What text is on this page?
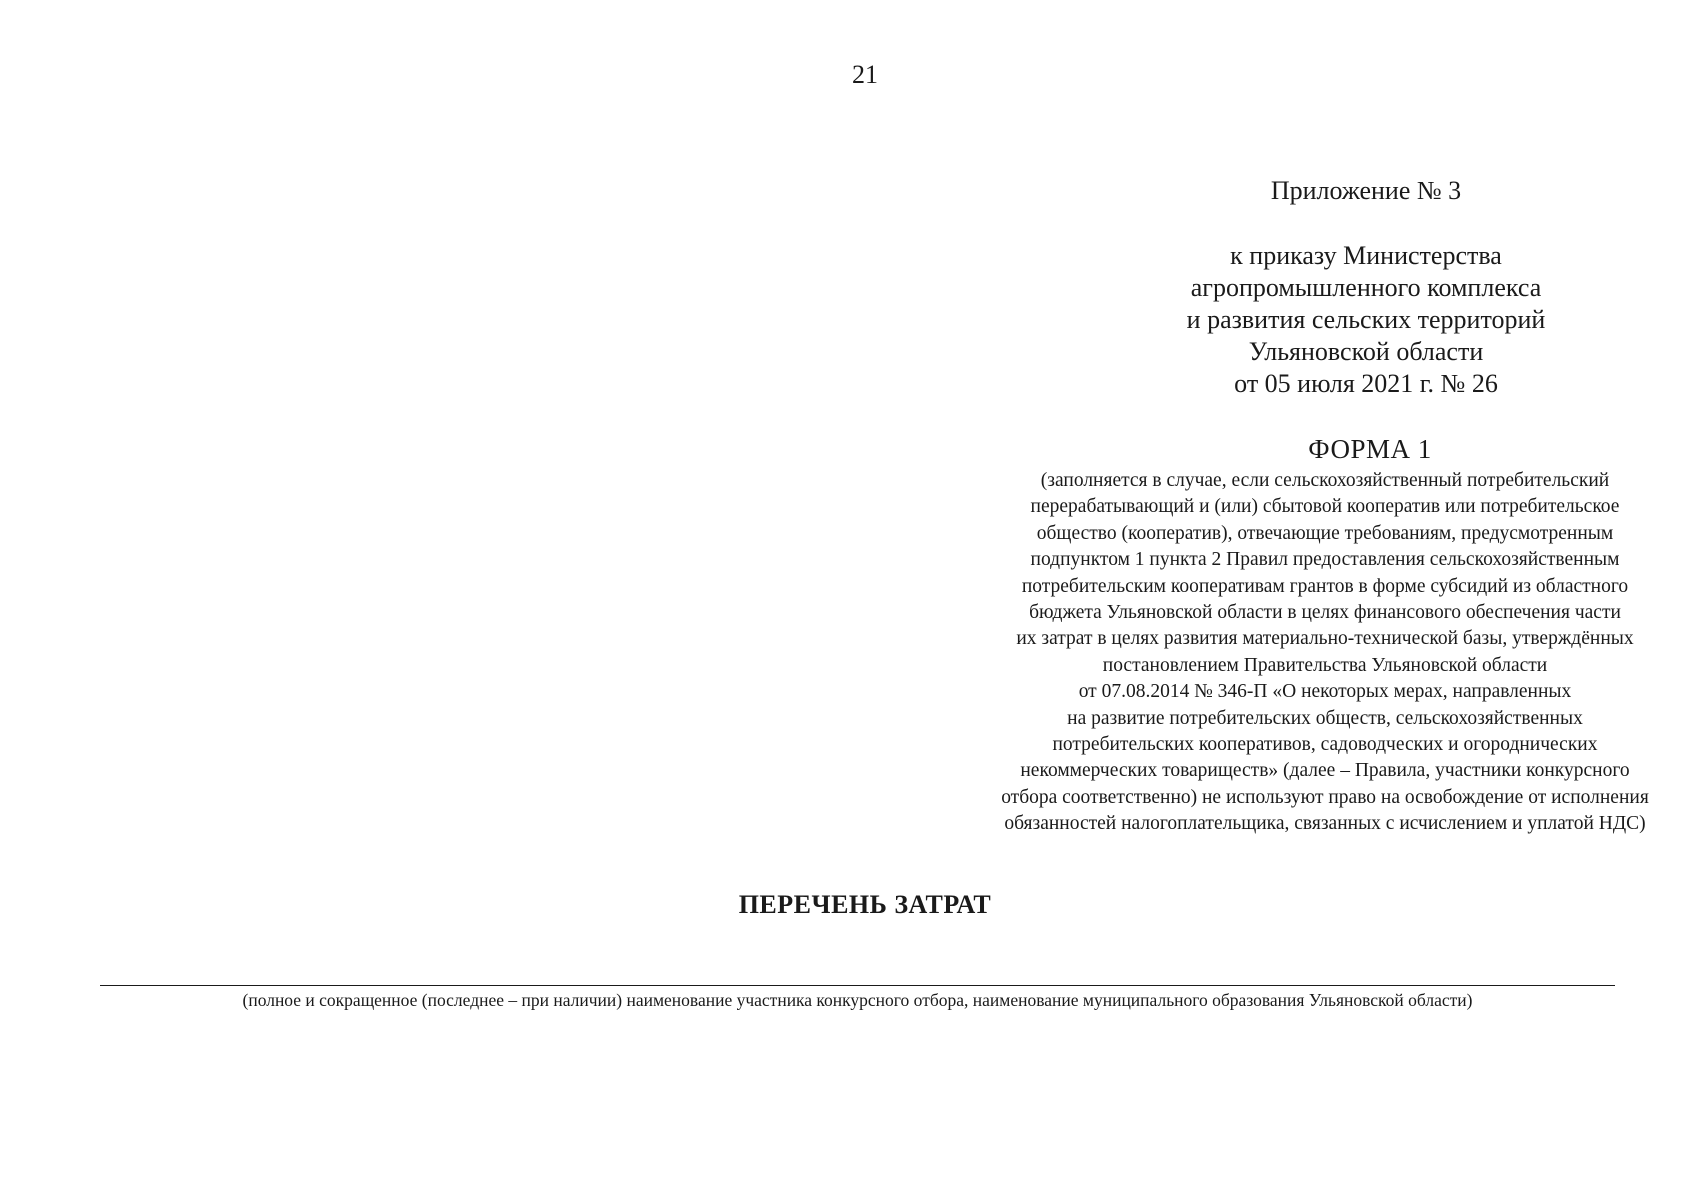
21
Приложение № 3
к приказу Министерства
агропромышленного комплекса
и развития сельских территорий
Ульяновской области
от 05 июля 2021 г. № 26
ФОРМА 1
(заполняется в случае, если сельскохозяйственный потребительский
перерабатывающий и (или) сбытовой кооператив или потребительское
общество (кооператив), отвечающие требованиям, предусмотренным
подпунктом 1 пункта 2 Правил предоставления сельскохозяйственным
потребительским кооперативам грантов в форме субсидий из областного
бюджета Ульяновской области в целях финансового обеспечения части
их затрат в целях развития материально-технической базы, утверждённых
постановлением Правительства Ульяновской области
от 07.08.2014 № 346-П «О некоторых мерах, направленных
на развитие потребительских обществ, сельскохозяйственных
потребительских кооперативов, садоводческих и огороднических
некоммерческих товариществ» (далее – Правила, участники конкурсного
отбора соответственно) не используют право на освобождение от исполнения
обязанностей налогоплательщика, связанных с исчислением и уплатой НДС)
ПЕРЕЧЕНЬ ЗАТРАТ
(полное и сокращенное (последнее – при наличии) наименование участника конкурсного отбора, наименование муниципального образования Ульяновской области)
